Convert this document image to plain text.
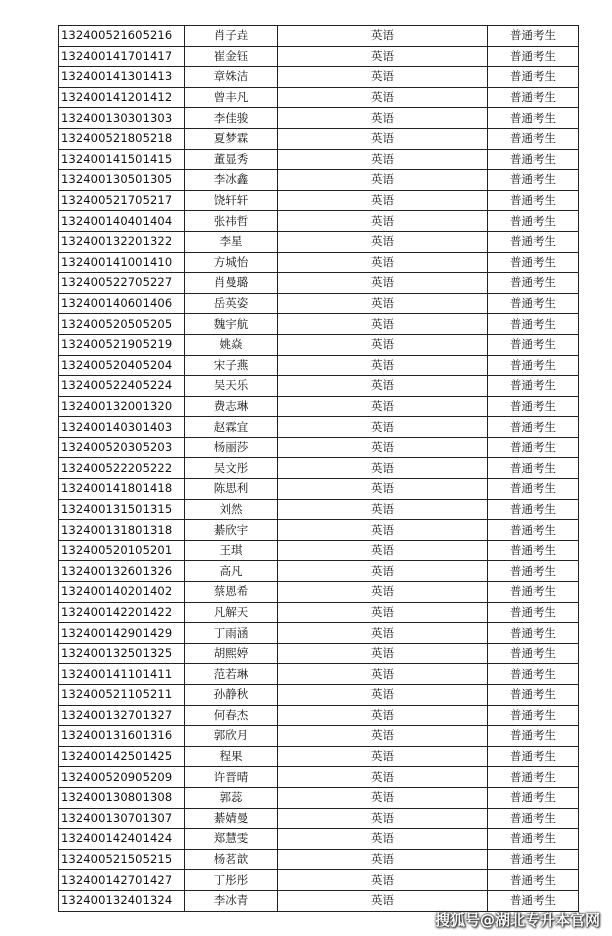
132400521605216	肖子垚	英语	普通考生
132400141701417	崔金钰	英语	普通考生
132400141301413	章姝洁	英语	普通考生
132400141201412	曾丰凡	英语	普通考生
132400130301303	李佳骏	英语	普通考生
132400521805218	夏梦霖	英语	普通考生
132400141501415	董显秀	英语	普通考生
132400130501305	李冰鑫	英语	普通考生
132400521705217	饶轩轩	英语	普通考生
132400140401404	张祎哲	英语	普通考生
132400132201322	李星	英语	普通考生
132400141001410	方城怡	英语	普通考生
132400522705227	肖曼璐	英语	普通考生
132400140601406	岳英姿	英语	普通考生
132400520505205	魏宇航	英语	普通考生
132400521905219	姚焱	英语	普通考生
132400520405204	宋子燕	英语	普通考生
132400522405224	吴天乐	英语	普通考生
132400132001320	费志琳	英语	普通考生
132400140301403	赵霖宜	英语	普通考生
132400520305203	杨丽莎	英语	普通考生
132400522205222	吴文彤	英语	普通考生
132400141801418	陈思利	英语	普通考生
132400131501315	刘然	英语	普通考生
132400131801318	綦欣宇	英语	普通考生
132400520105201	王琪	英语	普通考生
132400132601326	高凡	英语	普通考生
132400140201402	蔡恩希	英语	普通考生
132400142201422	凡解天	英语	普通考生
132400142901429	丁雨涵	英语	普通考生
132400132501325	胡熙婷	英语	普通考生
132400141101411	范若琳	英语	普通考生
132400521105211	孙静秋	英语	普通考生
132400132701327	何春杰	英语	普通考生
132400131601316	郭欣月	英语	普通考生
132400142501425	程果	英语	普通考生
132400520905209	许晋晴	英语	普通考生
132400130801308	郭蕊	英语	普通考生
132400130701307	綦婧曼	英语	普通考生
132400142401424	郑慧雯	英语	普通考生
132400521505215	杨茗歆	英语	普通考生
132400142701427	丁彤彤	英语	普通考生
132400132401324	李冰青	英语	普通考生
搜狐号@湖北专升本官网
